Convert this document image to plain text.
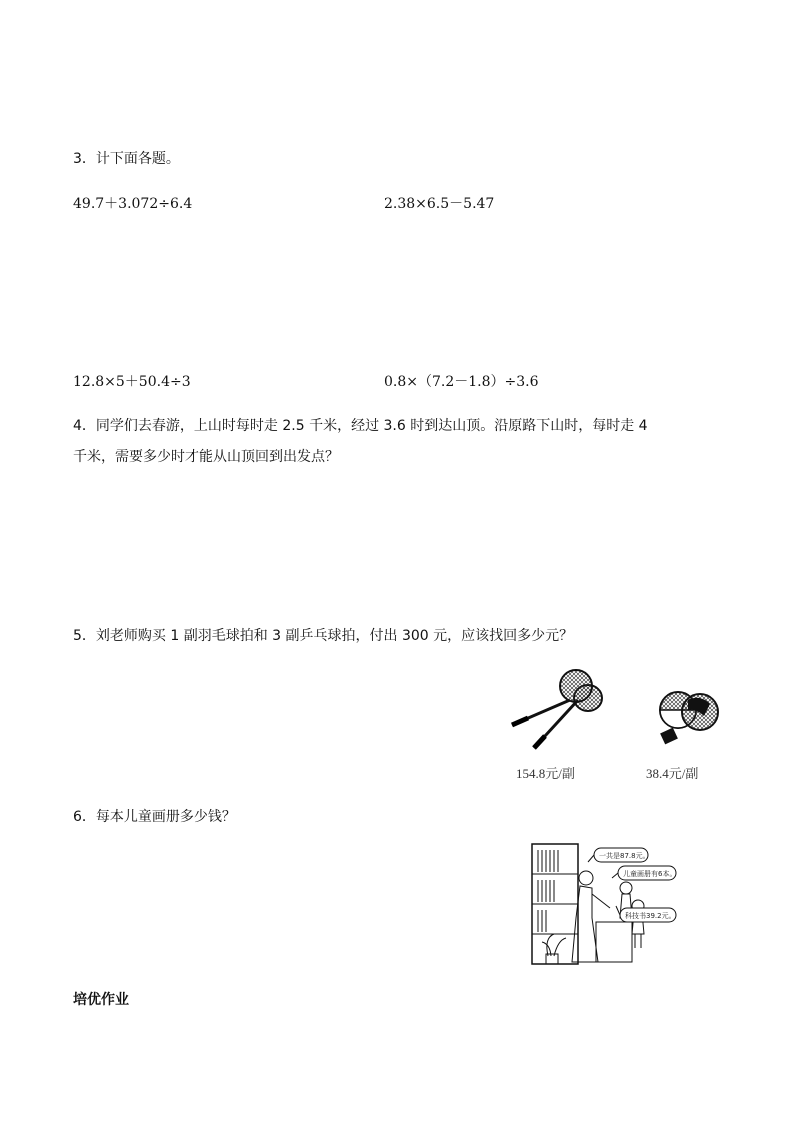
3．计下面各题。
49.7＋3.072÷6.4	2.38×6.5－5.47
12.8×5＋50.4÷3	0.8×（7.2－1.8）÷3.6
4．同学们去春游，上山时每时走 2.5 千米，经过 3.6 时到达山顶。沿原路下山时，每时走 4
千米，需要多少时才能从山顶回到出发点？
5．刘老师购买 1 副羽毛球拍和 3 副乒乓球拍，付出 300 元，应该找回多少元？
154.8元/副	38.4元/副
6．每本儿童画册多少钱？
一共是87.8元。
儿童画册有6本。
科技书39.2元。
培优作业
